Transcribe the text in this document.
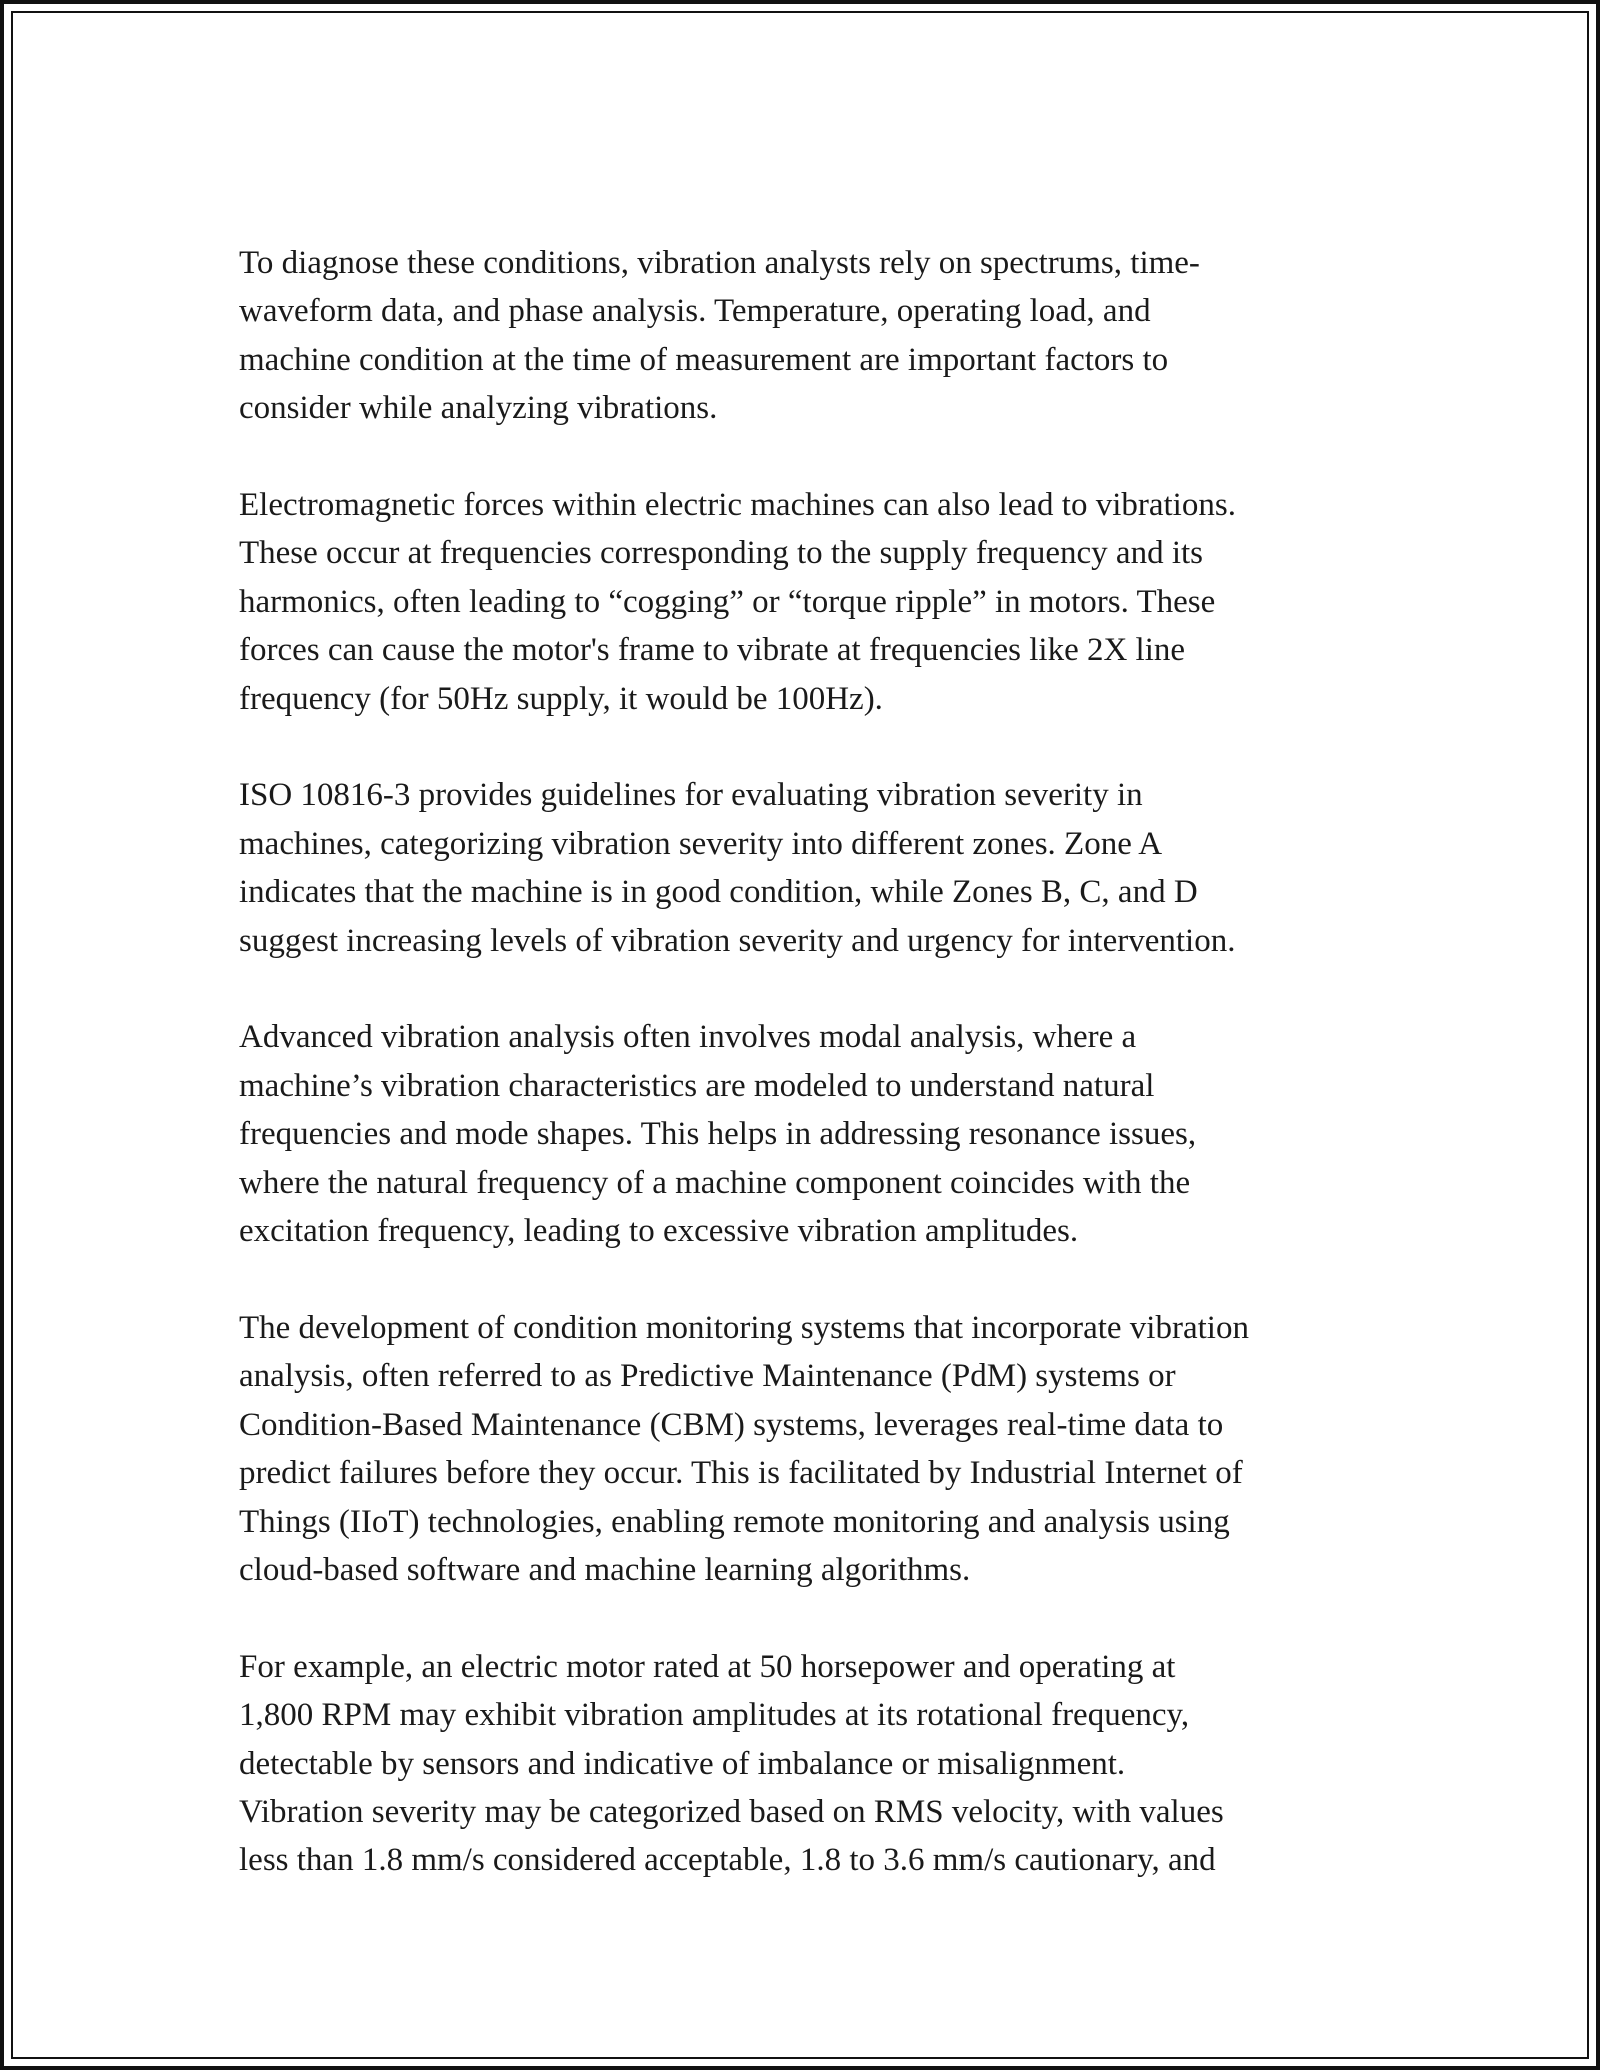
To diagnose these conditions, vibration analysts rely on spectrums, time-
waveform data, and phase analysis. Temperature, operating load, and
machine condition at the time of measurement are important factors to
consider while analyzing vibrations.

Electromagnetic forces within electric machines can also lead to vibrations.
These occur at frequencies corresponding to the supply frequency and its
harmonics, often leading to “cogging” or “torque ripple” in motors. These
forces can cause the motor's frame to vibrate at frequencies like 2X line
frequency (for 50Hz supply, it would be 100Hz).

ISO 10816-3 provides guidelines for evaluating vibration severity in
machines, categorizing vibration severity into different zones. Zone A
indicates that the machine is in good condition, while Zones B, C, and D
suggest increasing levels of vibration severity and urgency for intervention.

Advanced vibration analysis often involves modal analysis, where a
machine’s vibration characteristics are modeled to understand natural
frequencies and mode shapes. This helps in addressing resonance issues,
where the natural frequency of a machine component coincides with the
excitation frequency, leading to excessive vibration amplitudes.

The development of condition monitoring systems that incorporate vibration
analysis, often referred to as Predictive Maintenance (PdM) systems or
Condition-Based Maintenance (CBM) systems, leverages real-time data to
predict failures before they occur. This is facilitated by Industrial Internet of
Things (IIoT) technologies, enabling remote monitoring and analysis using
cloud-based software and machine learning algorithms.

For example, an electric motor rated at 50 horsepower and operating at
1,800 RPM may exhibit vibration amplitudes at its rotational frequency,
detectable by sensors and indicative of imbalance or misalignment.
Vibration severity may be categorized based on RMS velocity, with values
less than 1.8 mm/s considered acceptable, 1.8 to 3.6 mm/s cautionary, and
